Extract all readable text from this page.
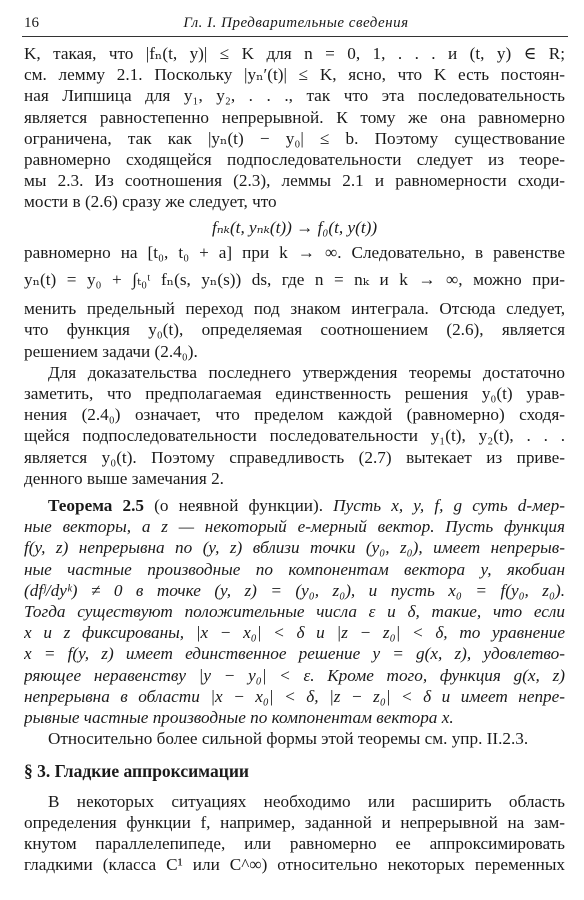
16	Гл. I. Предварительные сведения
K, такая, что |fₙ(t, y)| ≤ K для n = 0, 1, . . . и (t, y) ∈ R;
см. лемму 2.1. Поскольку |yₙ′(t)| ≤ K, ясно, что K есть постоян-
ная Липшица для y₁, y₂, . . ., так что эта последовательность
является равностепенно непрерывной. К тому же она равномерно
ограничена, так как |yₙ(t) − y₀| ≤ b. Поэтому существование
равномерно сходящейся подпоследовательности следует из теоре-
мы 2.3. Из соотношения (2.3), леммы 2.1 и равномерности сходи-
мости в (2.6) сразу же следует, что
fₙₖ(t, yₙₖ(t)) → f₀(t, y(t))
равномерно на [t₀, t₀ + a] при k → ∞. Следовательно, в равенстве
yₙ(t) = y₀ + ∫ₜ₀ᵗ fₙ(s, yₙ(s)) ds, где n = nₖ и k → ∞, можно при-
менить предельный переход под знаком интеграла. Отсюда следует,
что функция y₀(t), определяемая соотношением (2.6), является
решением задачи (2.4₀).
Для доказательства последнего утверждения теоремы достаточно
заметить, что предполагаемая единственность решения y₀(t) урав-
нения (2.4₀) означает, что пределом каждой (равномерно) сходя-
щейся подпоследовательности последовательности y₁(t), y₂(t), . . .
является y₀(t). Поэтому справедливость (2.7) вытекает из приве-
денного выше замечания 2.
Теорема 2.5 (о неявной функции). Пусть x, y, f, g суть d-мер-
ные векторы, а z — некоторый e-мерный вектор. Пусть функция
f(y, z) непрерывна по (y, z) вблизи точки (y₀, z₀), имеет непрерыв-
ные частные производные по компонентам вектора y, якобиан
(dfʲ/dyᵏ) ≠ 0 в точке (y, z) = (y₀, z₀), и пусть x₀ = f(y₀, z₀).
Тогда существуют положительные числа ε и δ, такие, что если
x и z фиксированы, |x − x₀| < δ и |z − z₀| < δ, то уравнение
x = f(y, z) имеет единственное решение y = g(x, z), удовлетво-
ряющее неравенству |y − y₀| < ε. Кроме того, функция g(x, z)
непрерывна в области |x − x₀| < δ, |z − z₀| < δ и имеет непре-
рывные частные производные по компонентам вектора x.
Относительно более сильной формы этой теоремы см. упр. II.2.3.
§ 3. Гладкие аппроксимации
В некоторых ситуациях необходимо или расширить область
определения функции f, например, заданной и непрерывной на зам-
кнутом параллелепипеде, или равномерно ее аппроксимировать
гладкими (класса C¹ или C^∞) относительно некоторых переменных
